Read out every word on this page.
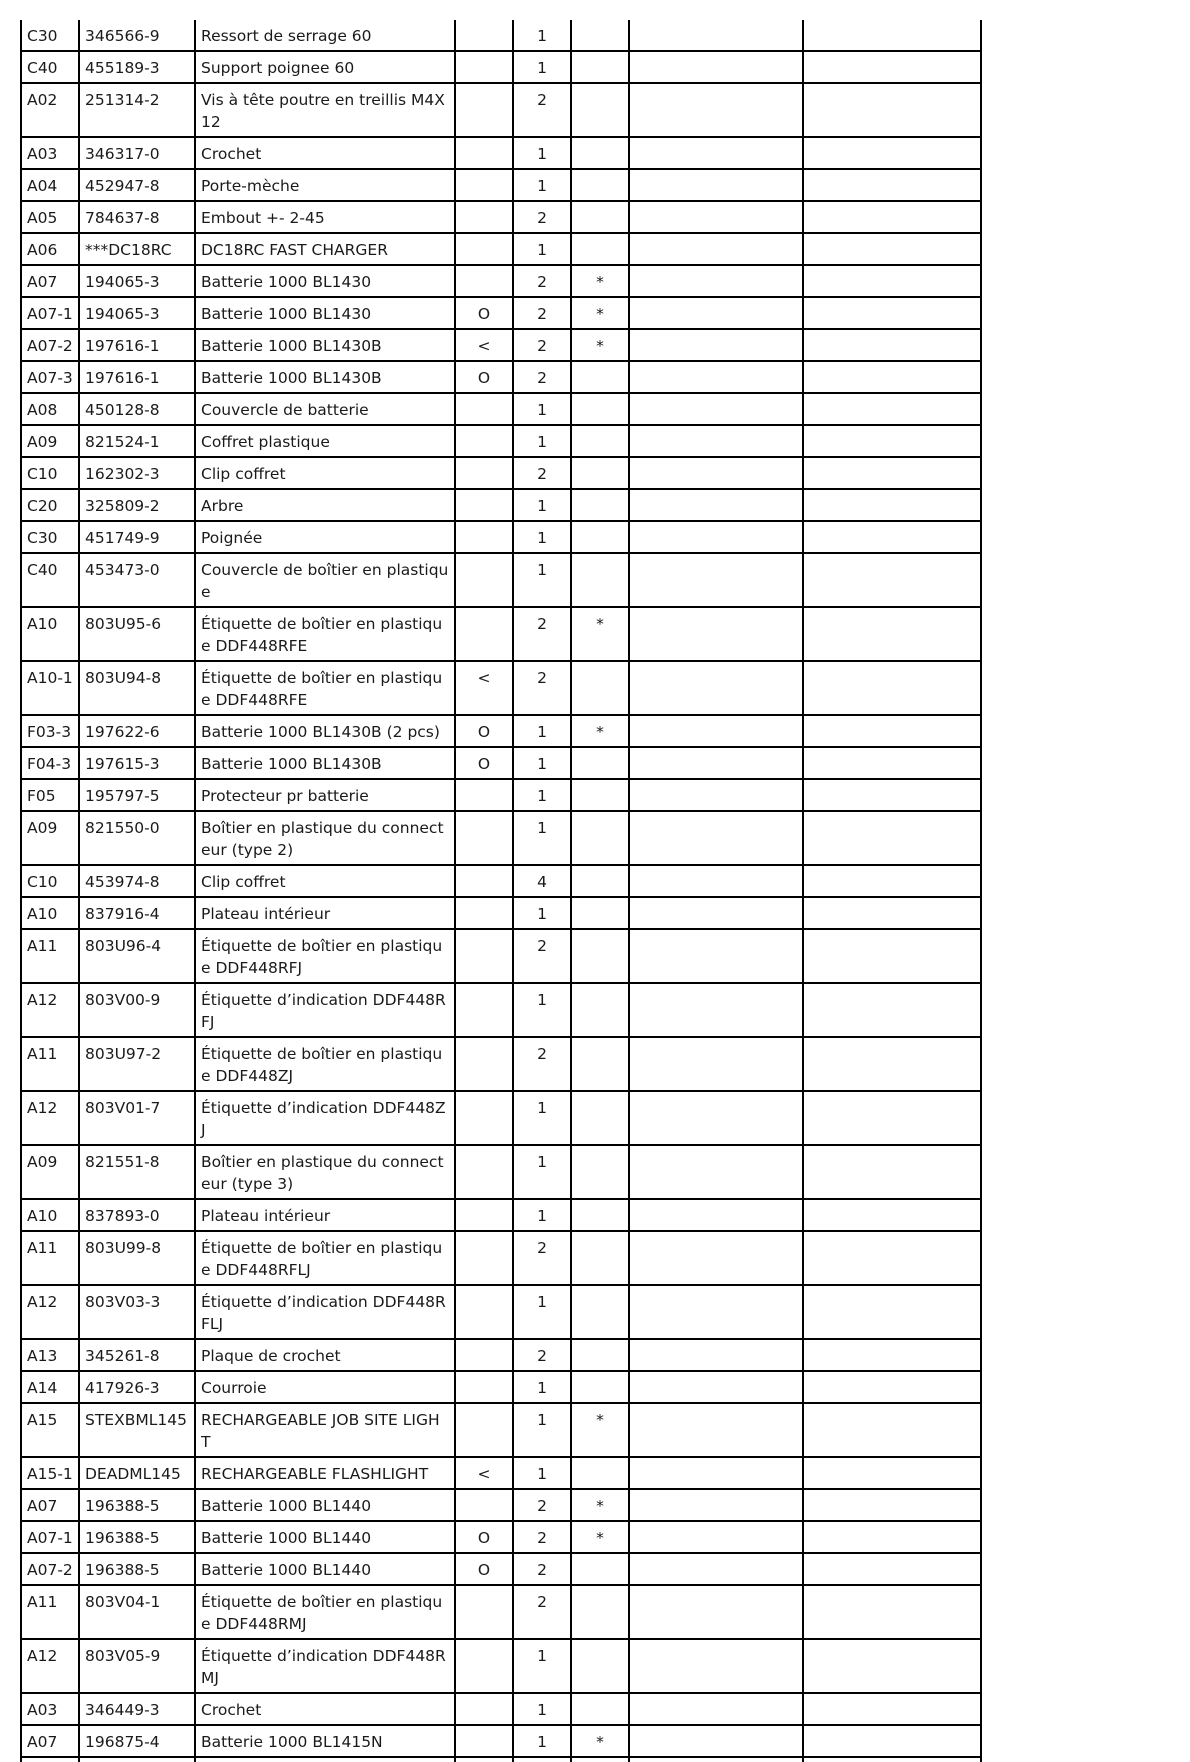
C30	346566-9	Ressort de serrage 60		1			
C40	455189-3	Support poignee 60		1			
A02	251314-2	Vis à tête poutre en treillis M4X12		2			
A03	346317-0	Crochet		1			
A04	452947-8	Porte-mèche		1			
A05	784637-8	Embout +- 2-45		2			
A06	***DC18RC	DC18RC FAST CHARGER		1			
A07	194065-3	Batterie 1000 BL1430		2	*		
A07-1	194065-3	Batterie 1000 BL1430	O	2	*		
A07-2	197616-1	Batterie 1000 BL1430B	<	2	*		
A07-3	197616-1	Batterie 1000 BL1430B	O	2			
A08	450128-8	Couvercle de batterie		1			
A09	821524-1	Coffret plastique		1			
C10	162302-3	Clip coffret		2			
C20	325809-2	Arbre		1			
C30	451749-9	Poignée		1			
C40	453473-0	Couvercle de boîtier en plastique		1			
A10	803U95-6	Étiquette de boîtier en plastique DDF448RFE		2	*		
A10-1	803U94-8	Étiquette de boîtier en plastique DDF448RFE	<	2			
F03-3	197622-6	Batterie 1000 BL1430B (2 pcs)	O	1	*		
F04-3	197615-3	Batterie 1000 BL1430B	O	1			
F05	195797-5	Protecteur pr batterie		1			
A09	821550-0	Boîtier en plastique du connecteur (type 2)		1			
C10	453974-8	Clip coffret		4			
A10	837916-4	Plateau intérieur		1			
A11	803U96-4	Étiquette de boîtier en plastique DDF448RFJ		2			
A12	803V00-9	Étiquette d’indication DDF448RFJ		1			
A11	803U97-2	Étiquette de boîtier en plastique DDF448ZJ		2			
A12	803V01-7	Étiquette d’indication DDF448ZJ		1			
A09	821551-8	Boîtier en plastique du connecteur (type 3)		1			
A10	837893-0	Plateau intérieur		1			
A11	803U99-8	Étiquette de boîtier en plastique DDF448RFLJ		2			
A12	803V03-3	Étiquette d’indication DDF448RFLJ		1			
A13	345261-8	Plaque de crochet		2			
A14	417926-3	Courroie		1			
A15	STEXBML145	RECHARGEABLE JOB SITE LIGHT		1	*		
A15-1	DEADML145	RECHARGEABLE FLASHLIGHT	<	1			
A07	196388-5	Batterie 1000 BL1440		2	*		
A07-1	196388-5	Batterie 1000 BL1440	O	2	*		
A07-2	196388-5	Batterie 1000 BL1440	O	2			
A11	803V04-1	Étiquette de boîtier en plastique DDF448RMJ		2			
A12	803V05-9	Étiquette d’indication DDF448RMJ		1			
A03	346449-3	Crochet		1			
A07	196875-4	Batterie 1000 BL1415N		1	*		
